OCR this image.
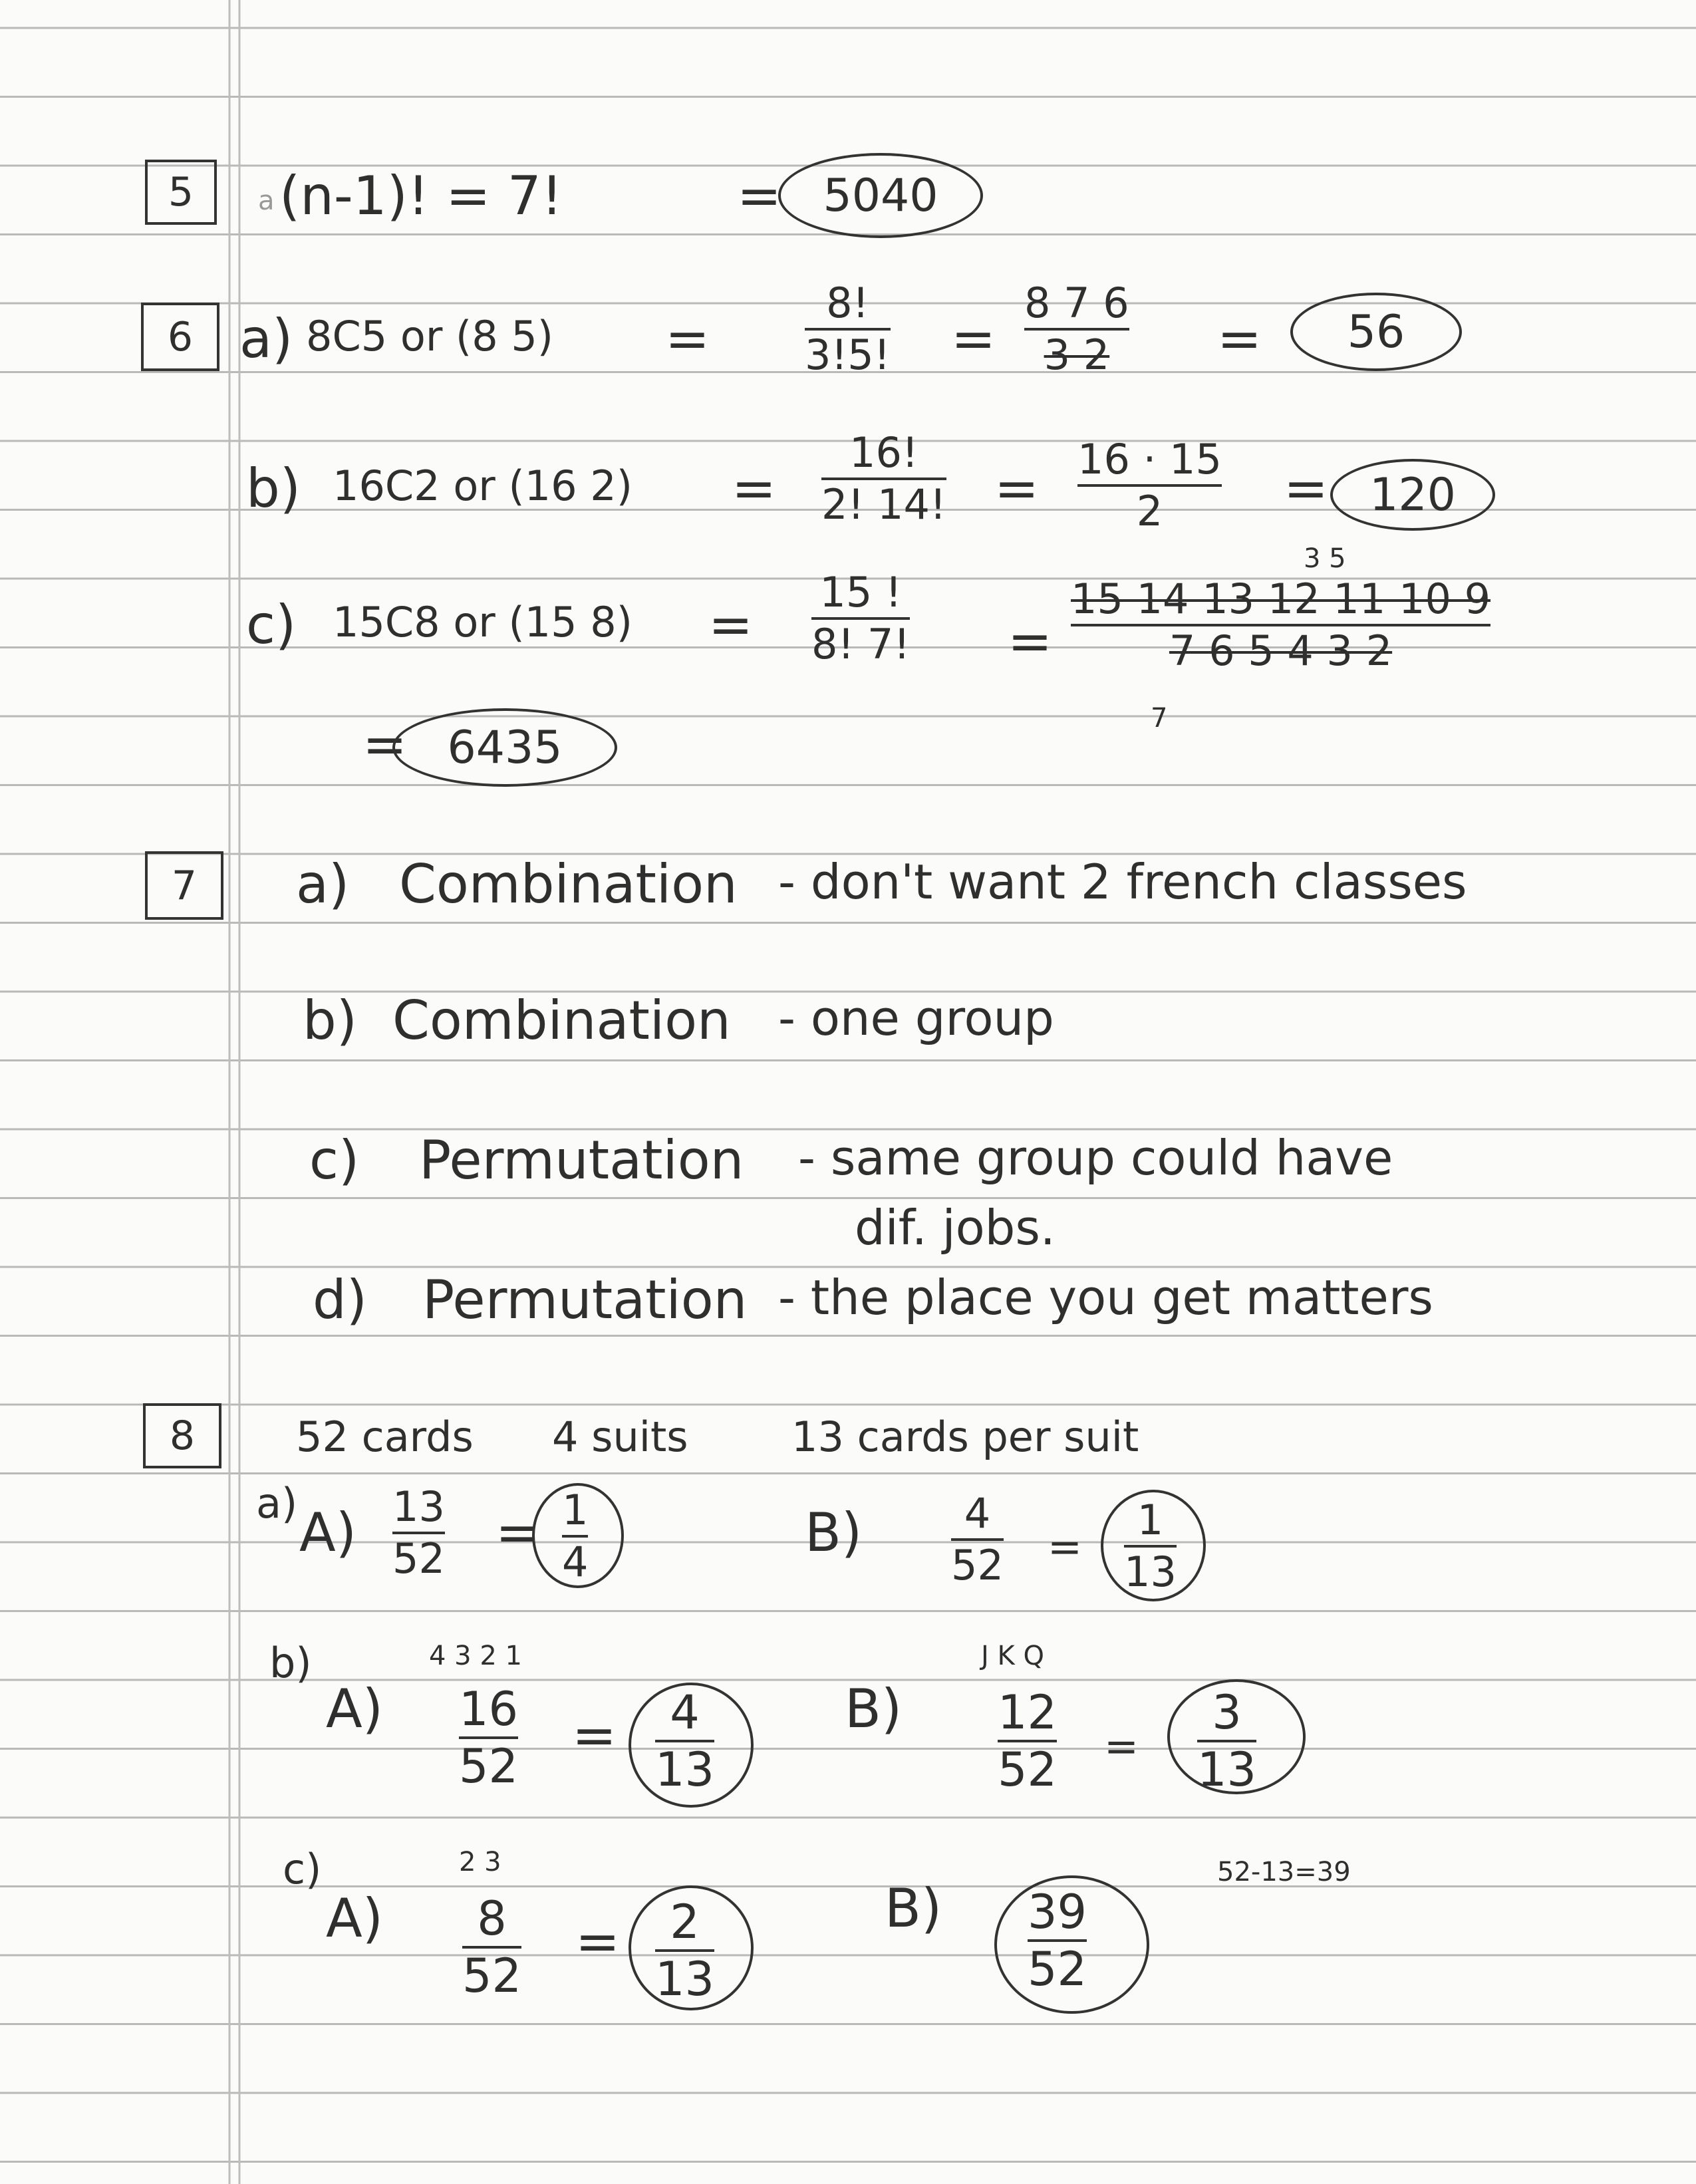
5	a (n-1)! = 7!	= 5040
6 a) 8C5 or (8 5) =
8!
3!5! =
8 7 6
3 2 =	56
b) 16C2 or (16 2) =
16!
2! 14! = 16 · 15
2 = 120
c) 15C8 or (15 8) =
15 !
8! 7! =
3 5
15 14 13 12 11 10 9
7 6 5 4 3 2
7
= 6435
7	a) Combination - don't want 2 french classes
b) Combination - one group
c) Permutation - same group could have
dif. jobs.
d) Permutation - the place you get matters
8	52 cards 4 suits	13 cards per suit
a) A) 13
52 = 1
4	B) 4
52 =
1
13
b)
A)
4 3 2 1
16
52 = 4
13
B)
J K Q
12
52 =
3
13
c)
A)
2 3
8
52
= 2
13
B)
52-13=39
39
52
